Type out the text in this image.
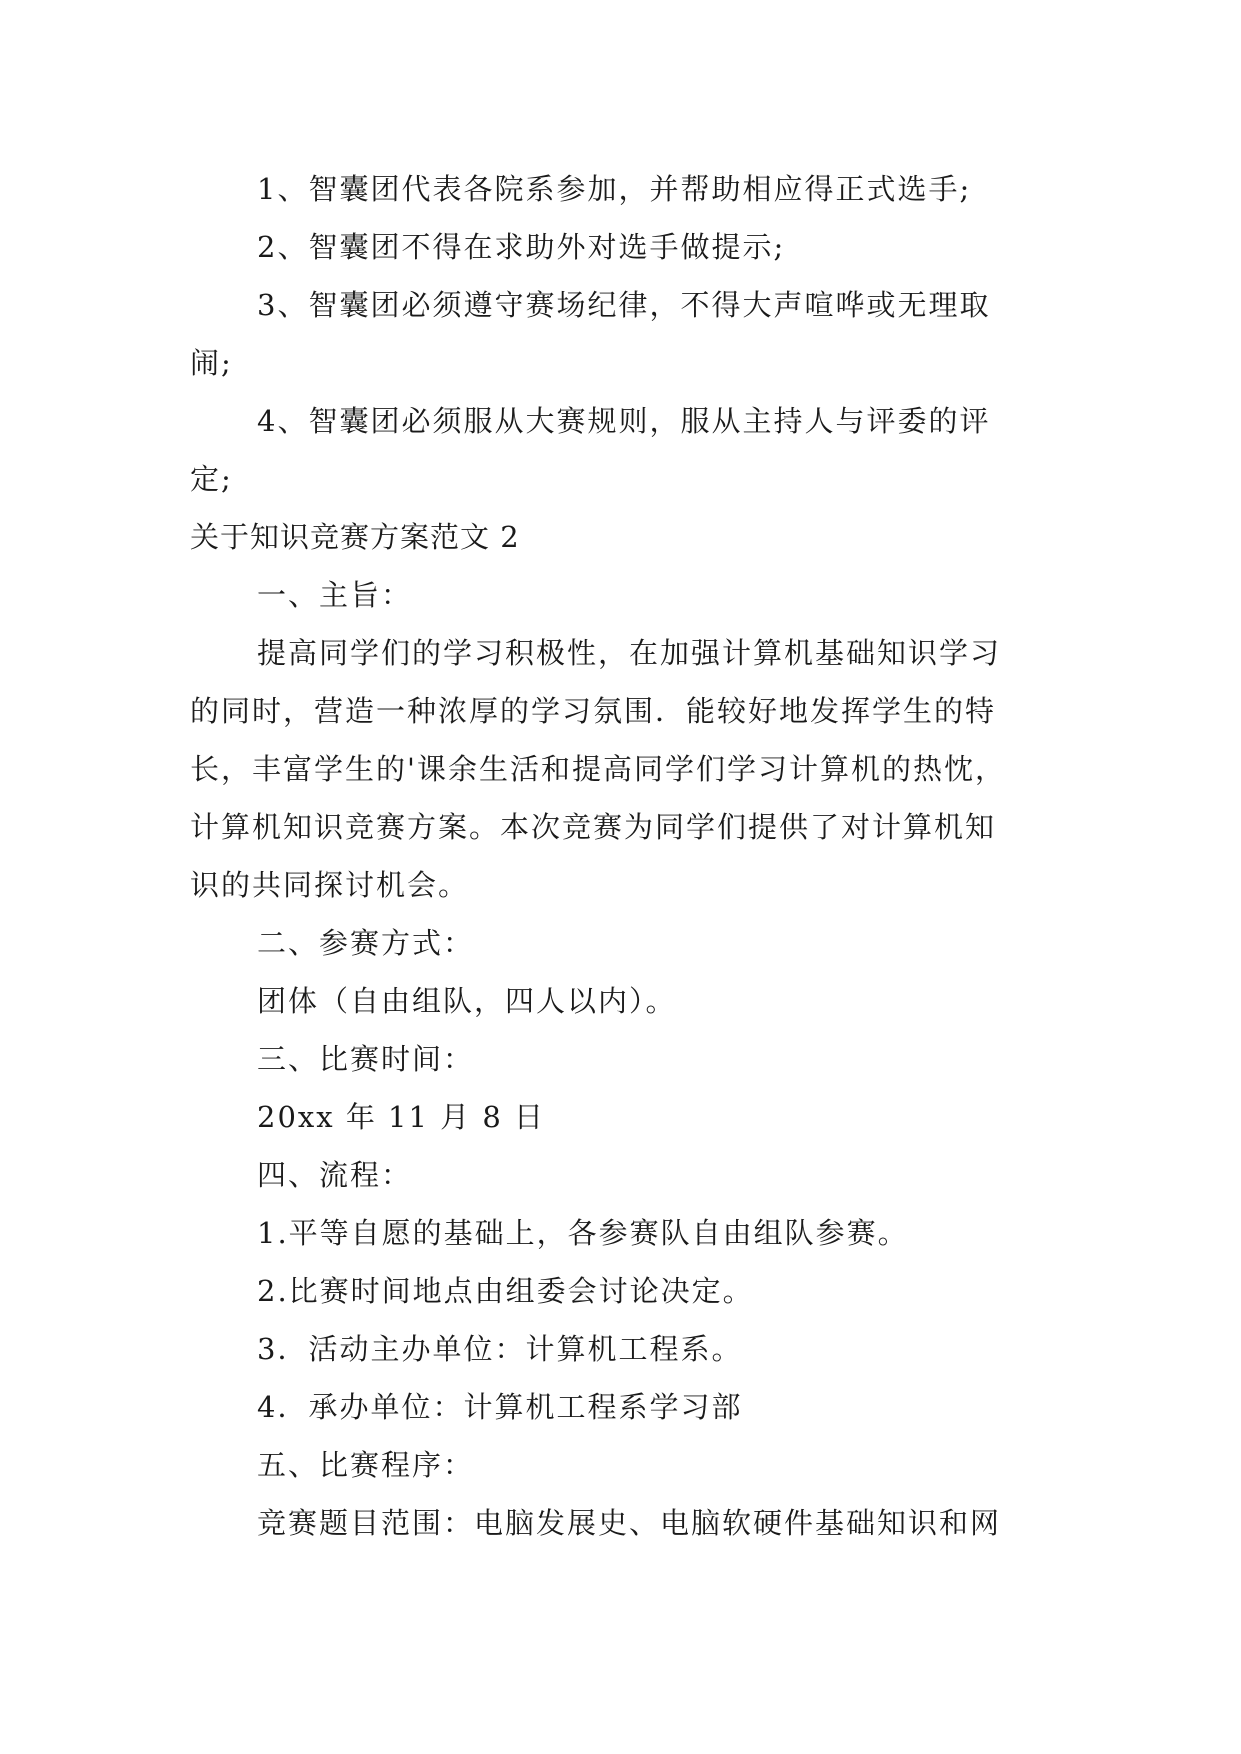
1、智囊团代表各院系参加，并帮助相应得正式选手;
2、智囊团不得在求助外对选手做提示;
3、智囊团必须遵守赛场纪律，不得大声喧哗或无理取
闹;
4、智囊团必须服从大赛规则，服从主持人与评委的评
定;
关于知识竞赛方案范文 2
一、主旨：
提高同学们的学习积极性，在加强计算机基础知识学习
的同时，营造一种浓厚的学习氛围．能较好地发挥学生的特
长，丰富学生的'课余生活和提高同学们学习计算机的热忱，
计算机知识竞赛方案。本次竞赛为同学们提供了对计算机知
识的共同探讨机会。
二、参赛方式：
团体（自由组队，四人以内）。
三、比赛时间：
20xx 年 11 月 8 日
四、流程：
1.平等自愿的基础上，各参赛队自由组队参赛。
2.比赛时间地点由组委会讨论决定。
3．活动主办单位：计算机工程系。
4．承办单位：计算机工程系学习部
五、比赛程序：
竞赛题目范围：电脑发展史、电脑软硬件基础知识和网
